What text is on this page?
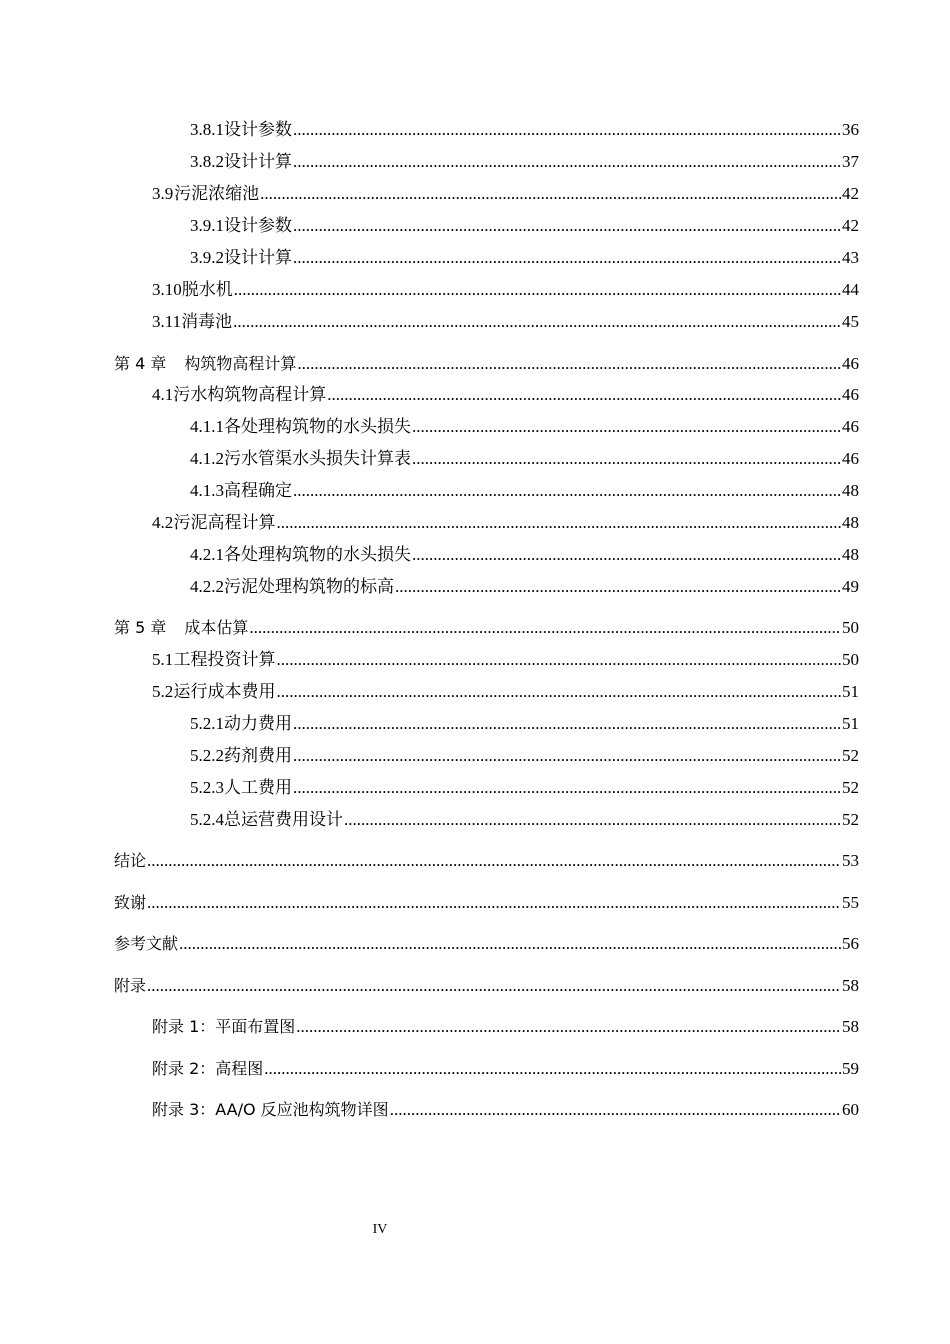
3.8.1 设计参数 .....	36
3.8.2 设计计算 .....	37
3.9 污泥浓缩池 .....	42
3.9.1 设计参数 .....	42
3.9.2 设计计算 .....	43
3.10 脱水机 .....	44
3.11 消毒池 .....	45
第 4 章 构筑物高程计算 .....	46
4.1 污水构筑物高程计算 .....	46
4.1.1 各处理构筑物的水头损失 .....	46
4.1.2 污水管渠水头损失计算表 .....	46
4.1.3 高程确定 .....	48
4.2 污泥高程计算 .....	48
4.2.1 各处理构筑物的水头损失 .....	48
4.2.2 污泥处理构筑物的标高 .....	49
第 5 章 成本估算 .....	50
5.1 工程投资计算 .....	50
5.2 运行成本费用 .....	51
5.2.1 动力费用 .....	51
5.2.2 药剂费用 .....	52
5.2.3 人工费用 .....	52
5.2.4 总运营费用设计 .....	52
结论 .....	53
致谢 .....	55
参考文献 .....	56
附录 .....	58
附录 1：平面布置图 .....	58
附录 2：高程图 .....	59
附录 3：AA/O 反应池构筑物详图 .....	60
IV
